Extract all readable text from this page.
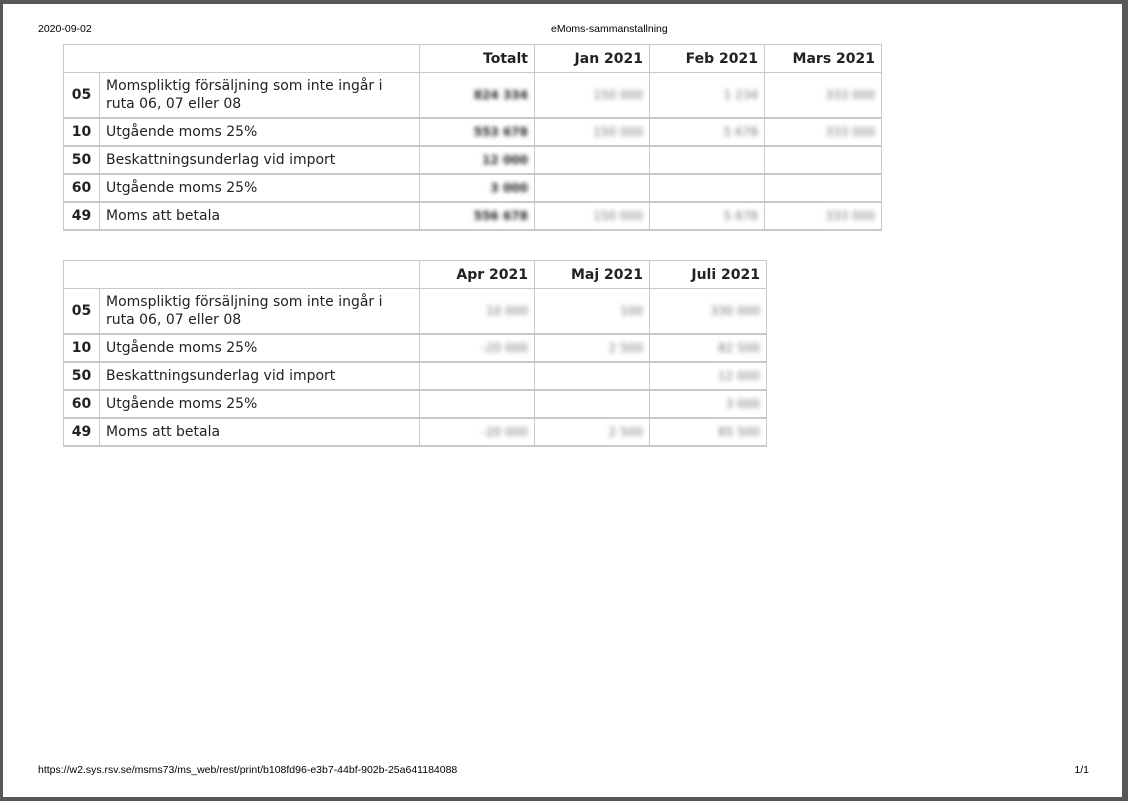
2020-09-02	eMoms-sammanstallning
		Totalt	Jan 2021	Feb 2021	Mars 2021
05	Momspliktig försäljning som inte ingår i ruta 06, 07 eller 08	824 334	150 000	1 234	333 000
10	Utgående moms 25%	553 678	150 000	5 678	333 000
50	Beskattningsunderlag vid import	12 000			
60	Utgående moms 25%	3 000			
49	Moms att betala	556 678	150 000	5 678	333 000
		Apr 2021	Maj 2021	Juli 2021
05	Momspliktig försäljning som inte ingår i ruta 06, 07 eller 08	10 000	100	330 000
10	Utgående moms 25%	-20 000	2 500	82 500
50	Beskattningsunderlag vid import			12 000
60	Utgående moms 25%			3 000
49	Moms att betala	-20 000	2 500	85 500
https://w2.sys.rsv.se/msms73/ms_web/rest/print/b108fd96-e3b7-44bf-902b-25a641184088	1/1
